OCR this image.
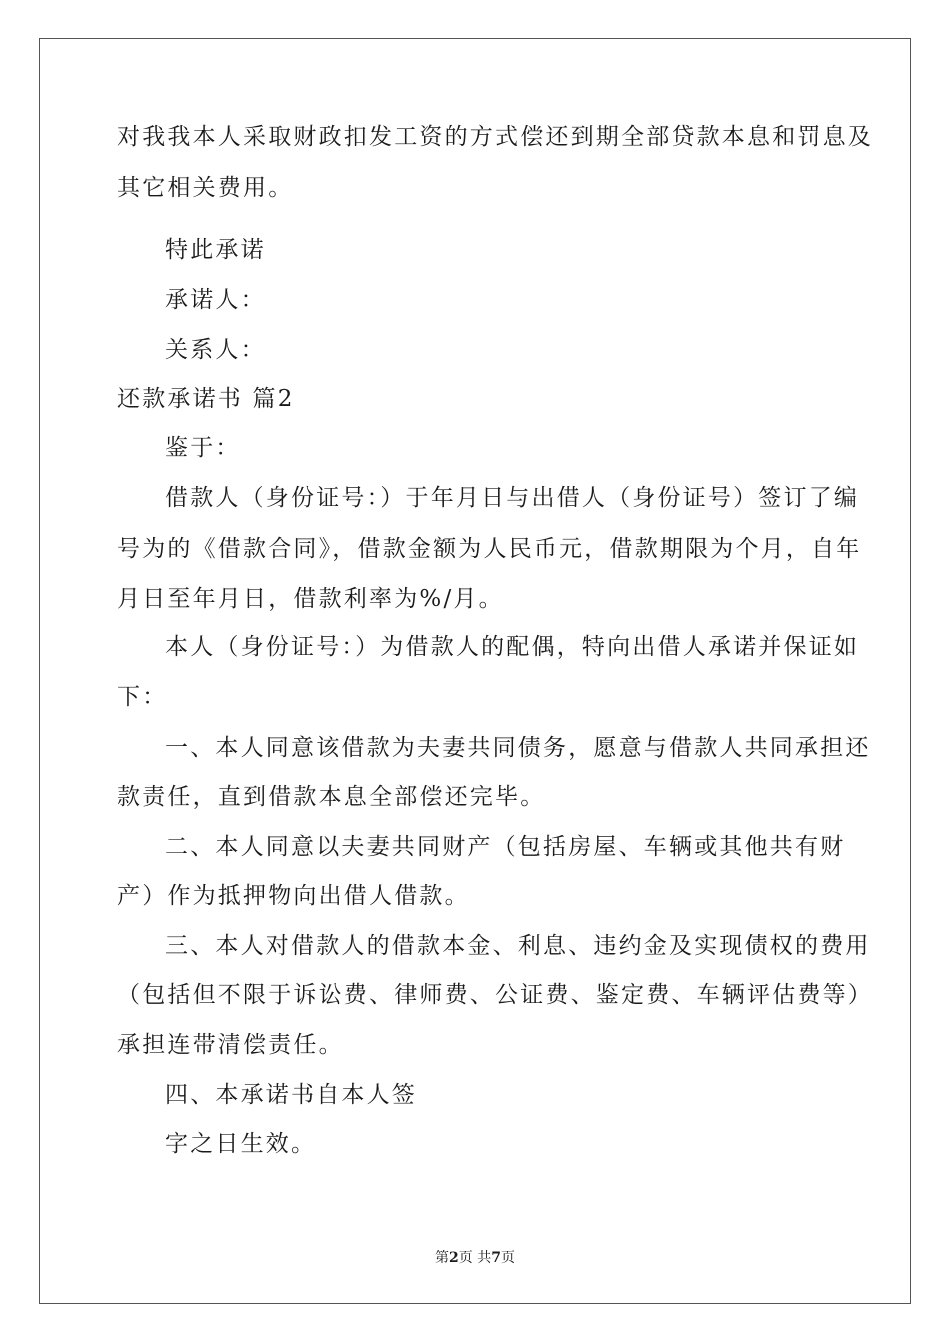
对我我本人采取财政扣发工资的方式偿还到期全部贷款本息和罚息及
其它相关费用。
特此承诺
承诺人：
关系人：
还款承诺书 篇2
鉴于：
借款人（身份证号：）于年月日与出借人（身份证号）签订了编
号为的《借款合同》，借款金额为人民币元，借款期限为个月，自年
月日至年月日，借款利率为%/月。
本人（身份证号：）为借款人的配偶，特向出借人承诺并保证如
下：
一、本人同意该借款为夫妻共同债务，愿意与借款人共同承担还
款责任，直到借款本息全部偿还完毕。
二、本人同意以夫妻共同财产（包括房屋、车辆或其他共有财
产）作为抵押物向出借人借款。
三、本人对借款人的借款本金、利息、违约金及实现债权的费用
（包括但不限于诉讼费、律师费、公证费、鉴定费、车辆评估费等）
承担连带清偿责任。
四、本承诺书自本人签
字之日生效。
第2页 共7页
